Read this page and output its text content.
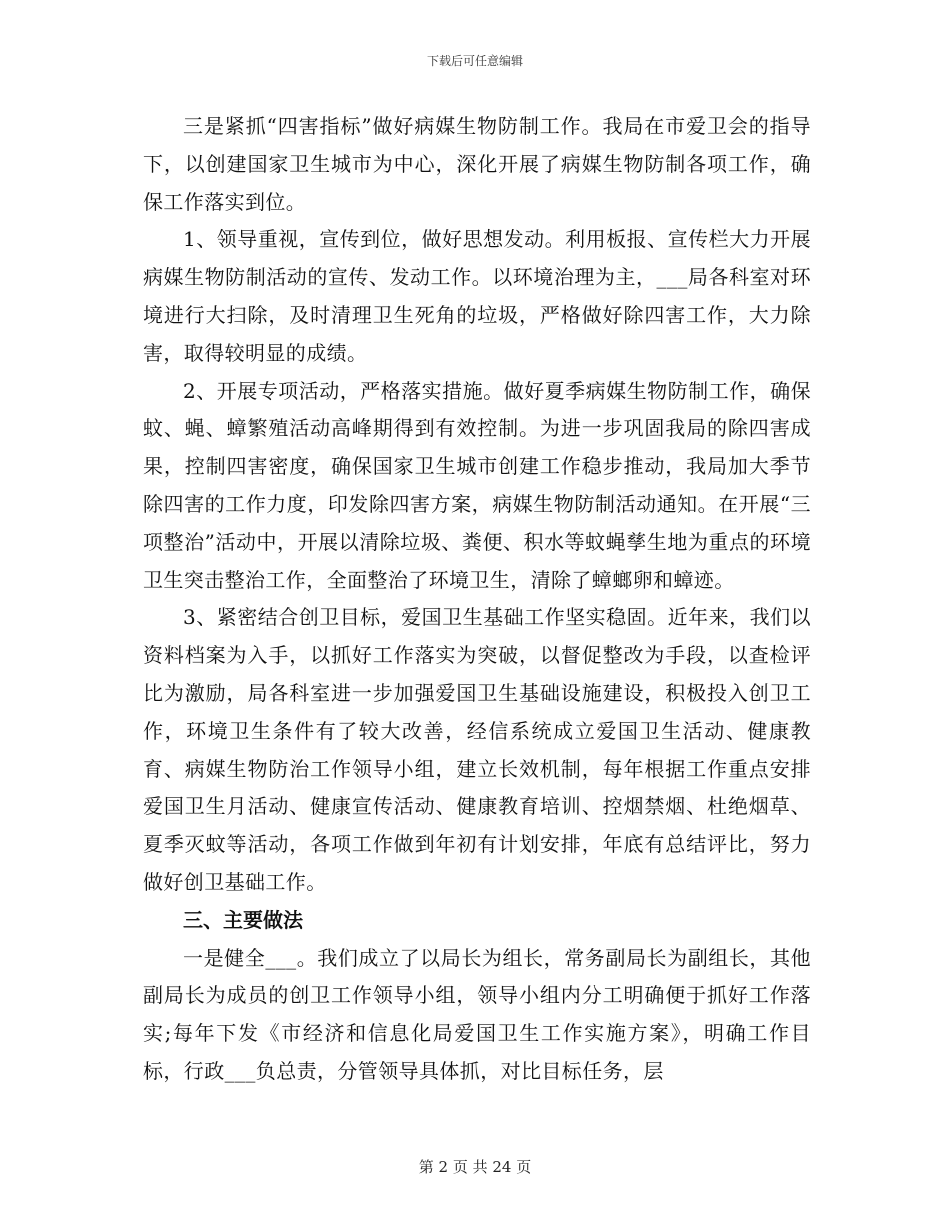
下载后可任意编辑

三是紧抓“四害指标”做好病媒生物防制工作。我局在市爱卫会的指导下，以创建国家卫生城市为中心，深化开展了病媒生物防制各项工作，确保工作落实到位。

1、领导重视，宣传到位，做好思想发动。利用板报、宣传栏大力开展病媒生物防制活动的宣传、发动工作。以环境治理为主，___局各科室对环境进行大扫除，及时清理卫生死角的垃圾，严格做好除四害工作，大力除害，取得较明显的成绩。

2、开展专项活动，严格落实措施。做好夏季病媒生物防制工作，确保蚊、蝇、蟑繁殖活动高峰期得到有效控制。为进一步巩固我局的除四害成果，控制四害密度，确保国家卫生城市创建工作稳步推动，我局加大季节除四害的工作力度，印发除四害方案，病媒生物防制活动通知。在开展“三项整治”活动中，开展以清除垃圾、粪便、积水等蚊蝇孳生地为重点的环境卫生突击整治工作，全面整治了环境卫生，清除了蟑螂卵和蟑迹。

3、紧密结合创卫目标，爱国卫生基础工作坚实稳固。近年来，我们以资料档案为入手，以抓好工作落实为突破，以督促整改为手段，以查检评比为激励，局各科室进一步加强爱国卫生基础设施建设，积极投入创卫工作，环境卫生条件有了较大改善，经信系统成立爱国卫生活动、健康教育、病媒生物防治工作领导小组，建立长效机制，每年根据工作重点安排爱国卫生月活动、健康宣传活动、健康教育培训、控烟禁烟、杜绝烟草、夏季灭蚊等活动，各项工作做到年初有计划安排，年底有总结评比，努力做好创卫基础工作。

三、主要做法

一是健全___。我们成立了以局长为组长，常务副局长为副组长，其他副局长为成员的创卫工作领导小组，领导小组内分工明确便于抓好工作落实;每年下发《市经济和信息化局爱国卫生工作实施方案》，明确工作目标，行政___负总责，分管领导具体抓，对比目标任务，层

第 2 页 共 24 页
